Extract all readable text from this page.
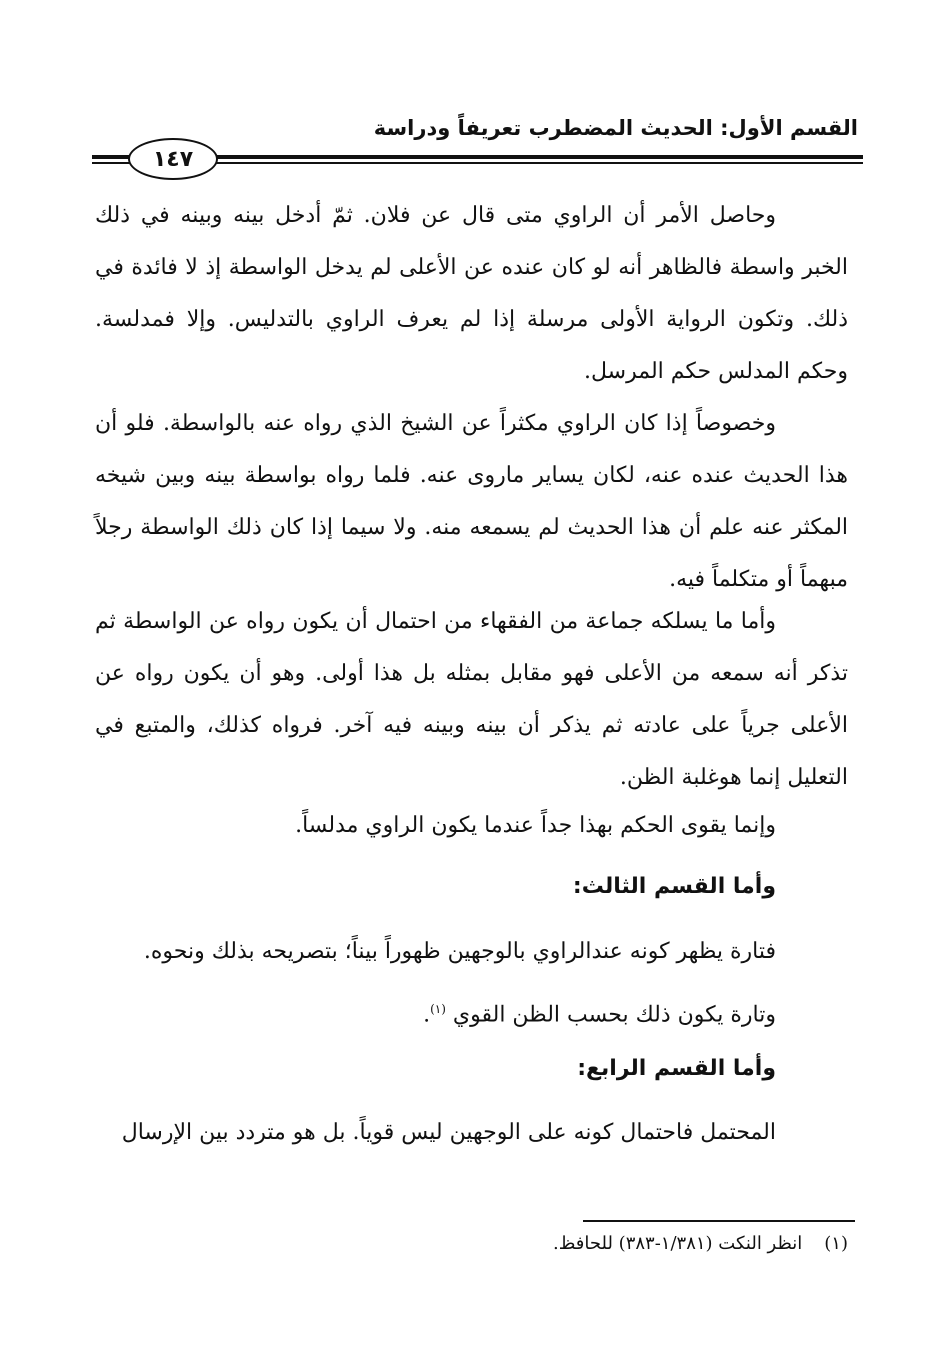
القسم الأول: الحديث المضطرب تعريفاً ودراسة
١٤٧

وحاصل الأمر أن الراوي متى قال عن فلان. ثمّ أدخل بينه وبينه في ذلك الخبر واسطة فالظاهر أنه لو كان عنده عن الأعلى لم يدخل الواسطة إذ لا فائدة في ذلك. وتكون الرواية الأولى مرسلة إذا لم يعرف الراوي بالتدليس. وإلا فمدلسة. وحكم المدلس حكم المرسل.

وخصوصاً إذا كان الراوي مكثراً عن الشيخ الذي رواه عنه بالواسطة. فلو أن هذا الحديث عنده عنه، لكان يساير ماروى عنه. فلما رواه بواسطة بينه وبين شيخه المكثر عنه علم أن هذا الحديث لم يسمعه منه. ولا سيما إذا كان ذلك الواسطة رجلاً مبهماً أو متكلماً فيه.

وأما ما يسلكه جماعة من الفقهاء من احتمال أن يكون رواه عن الواسطة ثم تذكر أنه سمعه من الأعلى فهو مقابل بمثله بل هذا أولى. وهو أن يكون رواه عن الأعلى جرياً على عادته ثم يذكر أن بينه وبينه فيه آخر. فرواه كذلك، والمتبع في التعليل إنما هوغلبة الظن.

وإنما يقوى الحكم بهذا جداً عندما يكون الراوي مدلساً.

وأما القسم الثالث:

فتارة يظهر كونه عندالراوي بالوجهين ظهوراً بيناً؛ بتصريحه بذلك ونحوه.

وتارة يكون ذلك بحسب الظن القوي $^{(١)}$.

وأما القسم الرابع:

المحتمل فاحتمال كونه على الوجهين ليس قوياً. بل هو متردد بين الإرسال

(١)انظر النكت (١/٣٨١-٣٨٣) للحافظ.
